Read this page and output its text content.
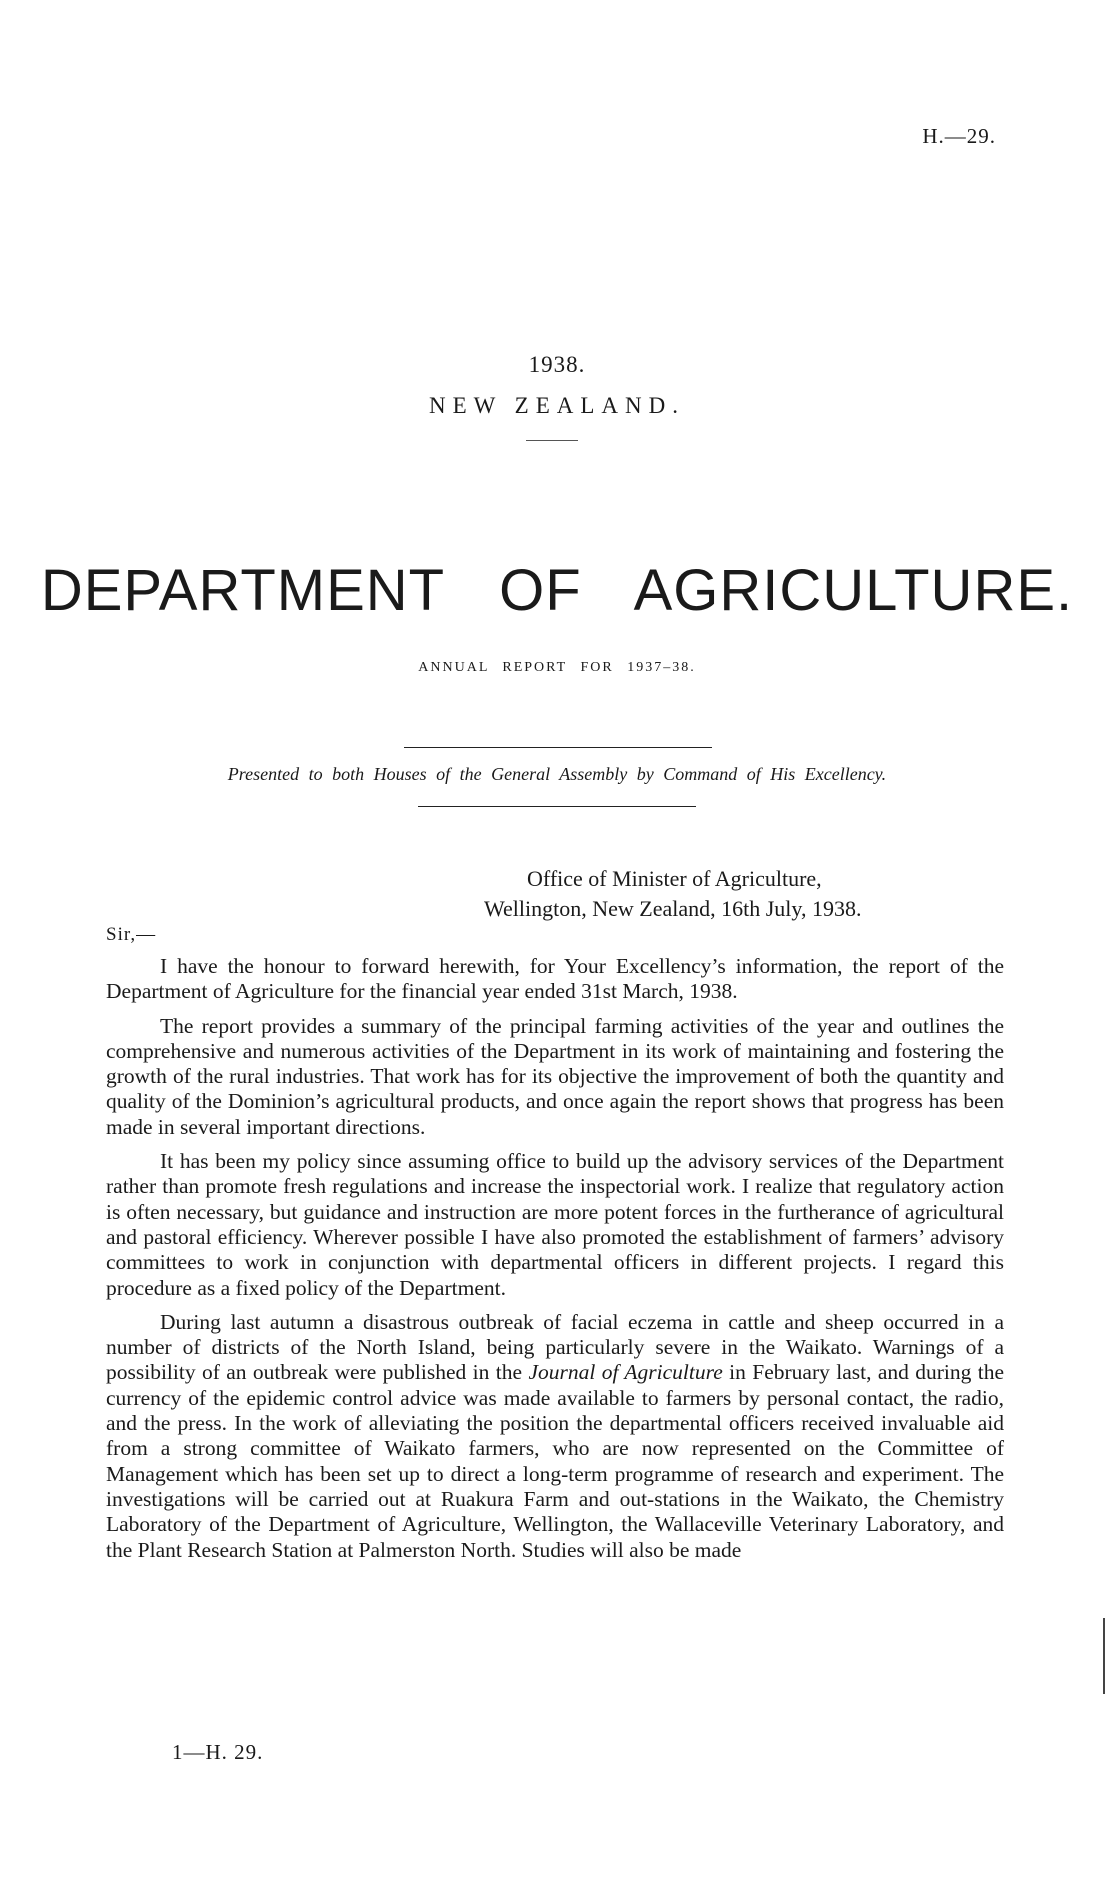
H.—29.
1938.
NEW ZEALAND.
DEPARTMENT OF AGRICULTURE.
ANNUAL REPORT FOR 1937–38.
Presented to both Houses of the General Assembly by Command of His Excellency.
Office of Minister of Agriculture,
Wellington, New Zealand, 16th July, 1938.
Sir,—

I have the honour to forward herewith, for Your Excellency’s information, the report of the Department of Agriculture for the financial year ended 31st March, 1938.

The report provides a summary of the principal farming activities of the year and outlines the comprehensive and numerous activities of the Department in its work of maintaining and fostering the growth of the rural industries. That work has for its objective the improvement of both the quantity and quality of the Dominion’s agricultural products, and once again the report shows that progress has been made in several important directions.

It has been my policy since assuming office to build up the advisory services of the Department rather than promote fresh regulations and increase the inspectorial work. I realize that regulatory action is often necessary, but guidance and instruction are more potent forces in the furtherance of agricultural and pastoral efficiency. Wherever possible I have also promoted the establishment of farmers’ advisory committees to work in conjunction with departmental officers in different projects. I regard this procedure as a fixed policy of the Department.

During last autumn a disastrous outbreak of facial eczema in cattle and sheep occurred in a number of districts of the North Island, being particularly severe in the Waikato. Warnings of a possibility of an outbreak were published in the Journal of Agriculture in February last, and during the currency of the epidemic control advice was made available to farmers by personal contact, the radio, and the press. In the work of alleviating the position the departmental officers received invaluable aid from a strong committee of Waikato farmers, who are now represented on the Committee of Management which has been set up to direct a long-term programme of research and experiment. The investigations will be carried out at Ruakura Farm and out-stations in the Waikato, the Chemistry Laboratory of the Department of Agriculture, Wellington, the Wallaceville Veterinary Laboratory, and the Plant Research Station at Palmerston North. Studies will also be made

1—H. 29.
